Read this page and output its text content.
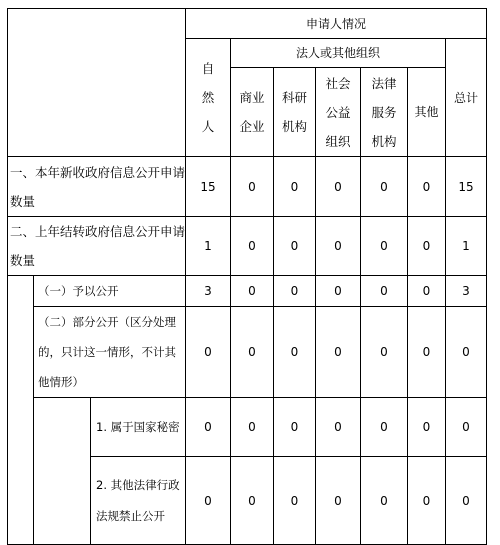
			申请人情况						

			自然人	法人或其他组织					总计

				商业企业	科研机构	社会公益组织	法律服务机构	其他	
一、本年新收政府信息公开申请数量			15	0	0	0	0	0	15
二、上年结转政府信息公开申请数量			1	0	0	0	0	0	1
	（一）予以公开		3	0	0	0	0	0	3
	（二）部分公开（区分处理的，只计这一情形，不计其他情形）		0	0	0	0	0	0	0
		1. 属于国家秘密	0	0	0	0	0	0	0
		2. 其他法律行政法规禁止公开	0	0	0	0	0	0	0
